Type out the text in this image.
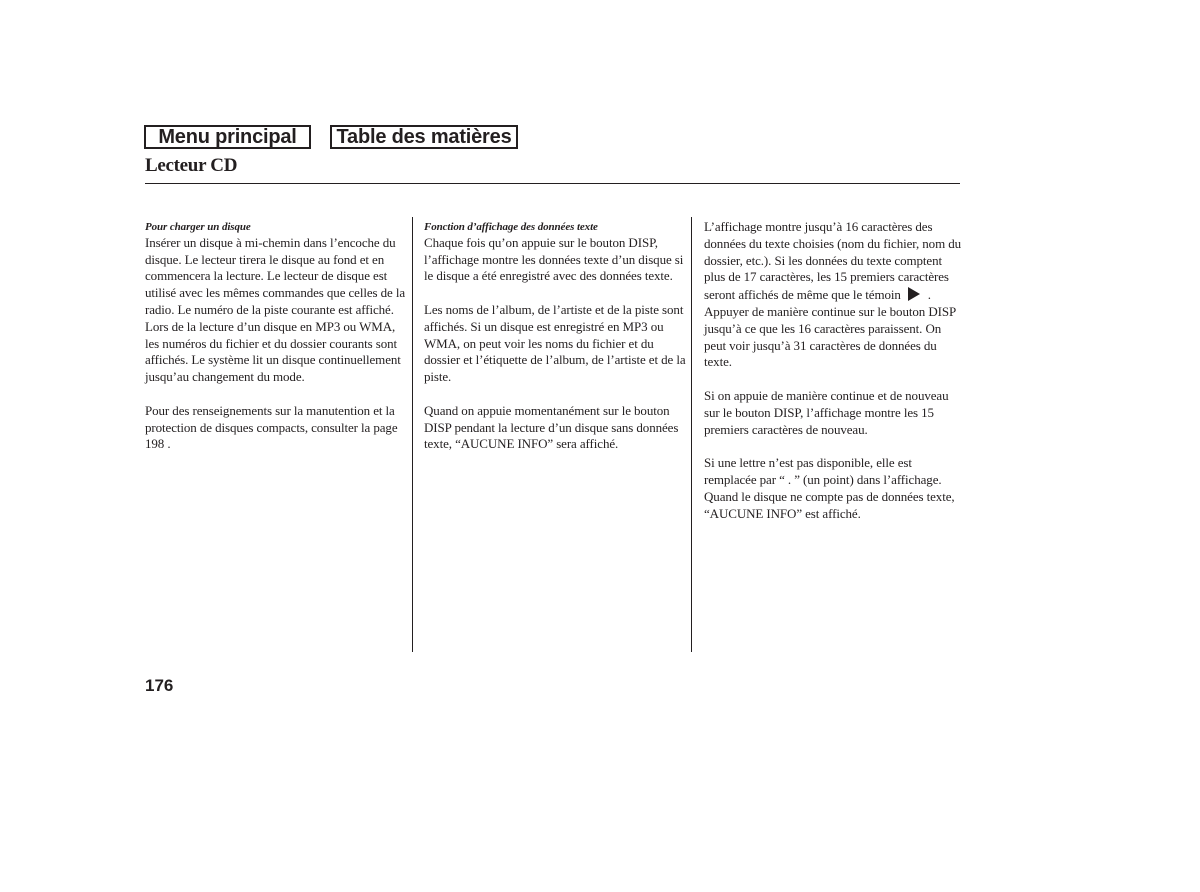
Menu principal	Table des matières
Lecteur CD

Pour charger un disque

Insérer un disque à mi-chemin dans l’encoche du disque. Le lecteur tirera le disque au fond et en commencera la lecture. Le lecteur de disque est utilisé avec les mêmes commandes que celles de la radio. Le numéro de la piste courante est affiché. Lors de la lecture d’un disque en MP3 ou WMA, les numéros du fichier et du dossier courants sont affichés. Le système lit un disque continuellement jusqu’au changement du mode.

Pour des renseignements sur la manutention et la protection de disques compacts, consulter la page 198 .

Fonction d’affichage des données texte

Chaque fois qu’on appuie sur le bouton DISP, l’affichage montre les données texte d’un disque si le disque a été enregistré avec des données texte.

Les noms de l’album, de l’artiste et de la piste sont affichés. Si un disque est enregistré en MP3 ou WMA, on peut voir les noms du fichier et du dossier et l’étiquette de l’album, de l’artiste et de la piste.

Quand on appuie momentanément sur le bouton DISP pendant la lecture d’un disque sans données texte, “AUCUNE INFO” sera affiché.

L’affichage montre jusqu’à 16 caractères des données du texte choisies (nom du fichier, nom du dossier, etc.). Si les données du texte comptent plus de 17 caractères, les 15 premiers caractères seront affichés de même que le témoin . Appuyer de manière continue sur le bouton DISP jusqu’à ce que les 16 caractères paraissent. On peut voir jusqu’à 31 caractères de données du texte.

Si on appuie de manière continue et de nouveau sur le bouton DISP, l’affichage montre les 15 premiers caractères de nouveau.

Si une lettre n’est pas disponible, elle est remplacée par “ . ” (un point) dans l’affichage. Quand le disque ne compte pas de données texte, “AUCUNE INFO” est affiché.

176
